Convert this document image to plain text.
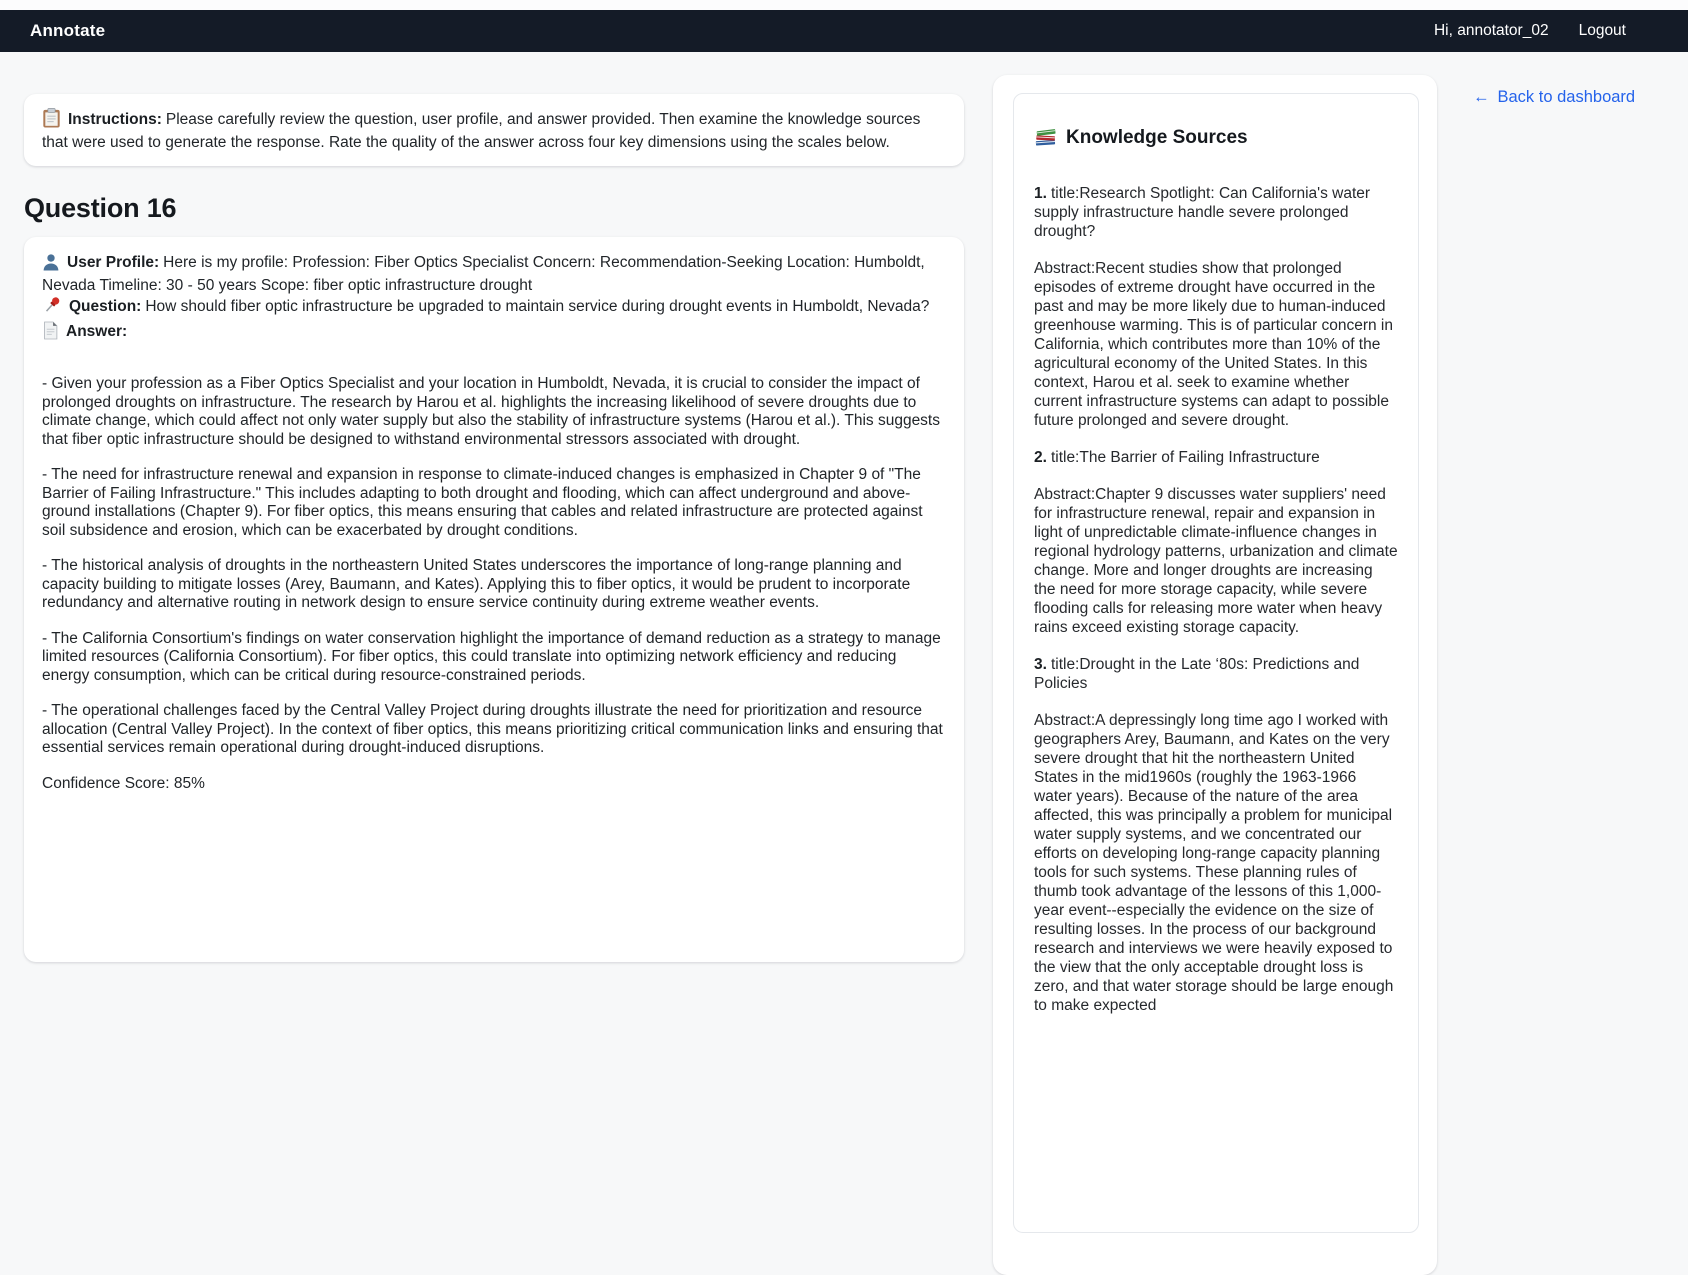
Annotate	Hi, annotator_02 Logout

Instructions: Please carefully review the question, user profile, and answer provided. Then examine the knowledge sources that were used to generate the response. Rate the quality of the answer across four key dimensions using the scales below.

Question 16

User Profile: Here is my profile: Profession: Fiber Optics Specialist Concern: Recommendation-Seeking Location: Humboldt, Nevada Timeline: 30 - 50 years Scope: fiber optic infrastructure drought

Question: How should fiber optic infrastructure be upgraded to maintain service during drought events in Humboldt, Nevada?

Answer:

- Given your profession as a Fiber Optics Specialist and your location in Humboldt, Nevada, it is crucial to consider the impact of prolonged droughts on infrastructure. The research by Harou et al. highlights the increasing likelihood of severe droughts due to climate change, which could affect not only water supply but also the stability of infrastructure systems (Harou et al.). This suggests that fiber optic infrastructure should be designed to withstand environmental stressors associated with drought.

- The need for infrastructure renewal and expansion in response to climate-induced changes is emphasized in Chapter 9 of "The Barrier of Failing Infrastructure." This includes adapting to both drought and flooding, which can affect underground and above-ground installations (Chapter 9). For fiber optics, this means ensuring that cables and related infrastructure are protected against soil subsidence and erosion, which can be exacerbated by drought conditions.

- The historical analysis of droughts in the northeastern United States underscores the importance of long-range planning and capacity building to mitigate losses (Arey, Baumann, and Kates). Applying this to fiber optics, it would be prudent to incorporate redundancy and alternative routing in network design to ensure service continuity during extreme weather events.

- The California Consortium's findings on water conservation highlight the importance of demand reduction as a strategy to manage limited resources (California Consortium). For fiber optics, this could translate into optimizing network efficiency and reducing energy consumption, which can be critical during resource-constrained periods.

- The operational challenges faced by the Central Valley Project during droughts illustrate the need for prioritization and resource allocation (Central Valley Project). In the context of fiber optics, this means prioritizing critical communication links and ensuring that essential services remain operational during drought-induced disruptions.

Confidence Score: 85%

Knowledge Sources

1. title:Research Spotlight: Can California's water supply infrastructure handle severe prolonged drought?

Abstract:Recent studies show that prolonged episodes of extreme drought have occurred in the past and may be more likely due to human-induced greenhouse warming. This is of particular concern in California, which contributes more than 10% of the agricultural economy of the United States. In this context, Harou et al. seek to examine whether current infrastructure systems can adapt to possible future prolonged and severe drought.

2. title:The Barrier of Failing Infrastructure

Abstract:Chapter 9 discusses water suppliers' need for infrastructure renewal, repair and expansion in light of unpredictable climate-influence changes in regional hydrology patterns, urbanization and climate change. More and longer droughts are increasing the need for more storage capacity, while severe flooding calls for releasing more water when heavy rains exceed existing storage capacity.

3. title:Drought in the Late ‘80s: Predictions and Policies

Abstract:A depressingly long time ago I worked with geographers Arey, Baumann, and Kates on the very severe drought that hit the northeastern United States in the mid1960s (roughly the 1963-1966 water years). Because of the nature of the area affected, this was principally a problem for municipal water supply systems, and we concentrated our efforts on developing long-range capacity planning tools for such systems. These planning rules of thumb took advantage of the lessons of this 1,000-year event--especially the evidence on the size of resulting losses. In the process of our background research and interviews we were heavily exposed to the view that the only acceptable drought loss is zero, and that water storage should be large enough to make expected

← Back to dashboard
